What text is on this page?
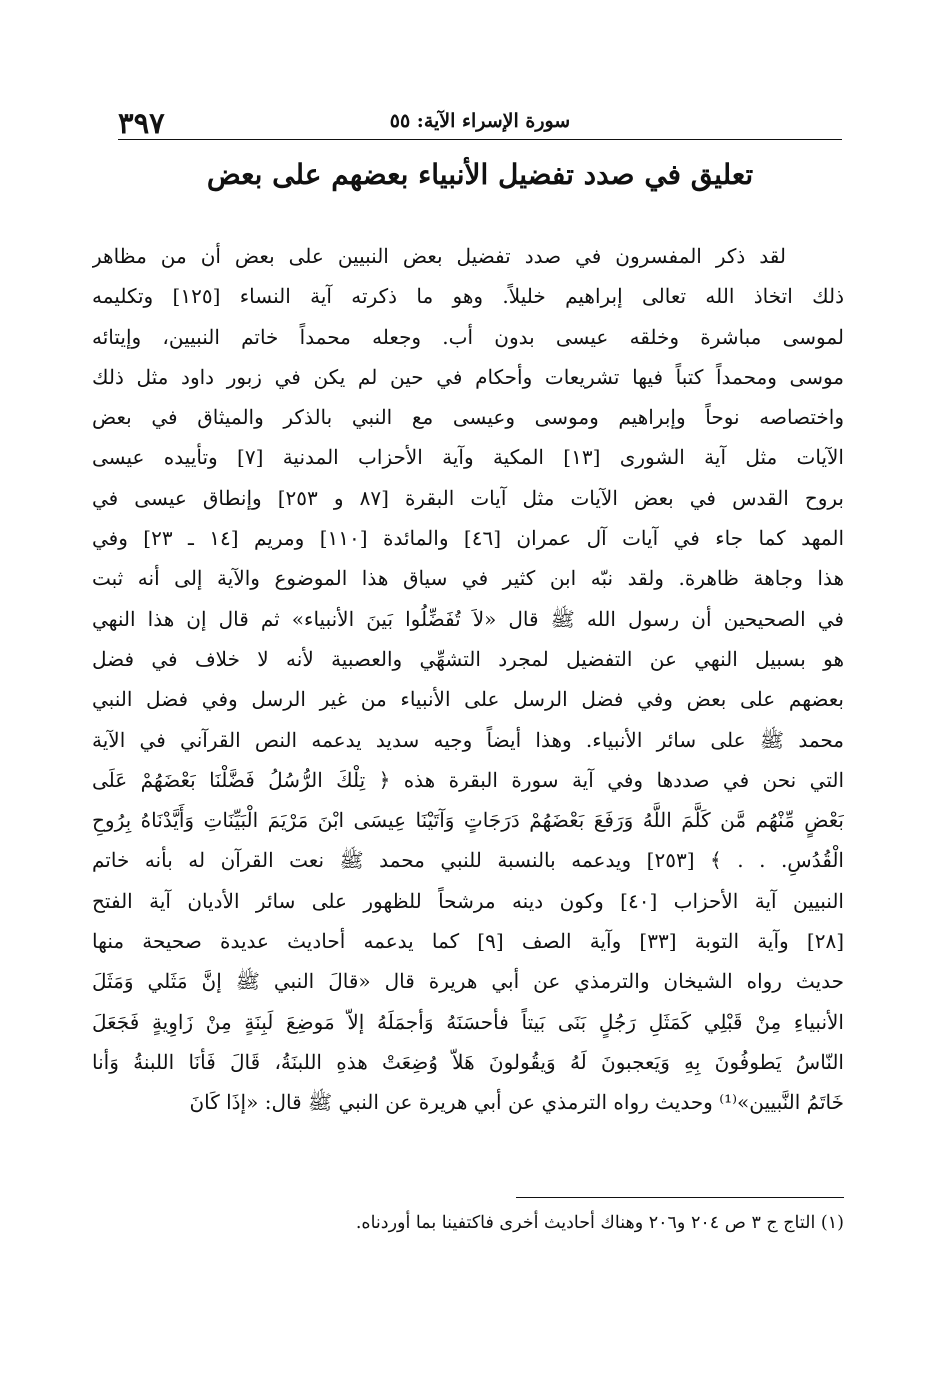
٣٩٧	سورة الإسراء الآية: ٥٥
تعليق في صدد تفضيل الأنبياء بعضهم على بعض
لقد ذكر المفسرون في صدد تفضيل بعض النبيين على بعض أن من مظاهر
ذلك اتخاذ الله تعالى إبراهيم خليلاً. وهو ما ذكرته آية النساء [١٢٥] وتكليمه
لموسى مباشرة وخلقه عيسى بدون أب. وجعله محمداً خاتم النبيين، وإيتائه
موسى ومحمداً كتباً فيها تشريعات وأحكام في حين لم يكن في زبور داود مثل ذلك
واختصاصه نوحاً وإبراهيم وموسى وعيسى مع النبي بالذكر والميثاق في بعض
الآيات مثل آية الشورى [١٣] المكية وآية الأحزاب المدنية [٧] وتأييده عيسى
بروح القدس في بعض الآيات مثل آيات البقرة [٨٧ و ٢٥٣] وإنطاق عيسى في
المهد كما جاء في آيات آل عمران [٤٦] والمائدة [١١٠] ومريم [١٤ ـ ٢٣] وفي
هذا وجاهة ظاهرة. ولقد نبّه ابن كثير في سياق هذا الموضوع والآية إلى أنه ثبت
في الصحيحين أن رسول الله ﷺ قال «لاَ تُفَضِّلُوا بَينَ الأنبياء» ثم قال إن هذا النهي
هو بسبيل النهي عن التفضيل لمجرد التشهِّي والعصبية لأنه لا خلاف في فضل
بعضهم على بعض وفي فضل الرسل على الأنبياء من غير الرسل وفي فضل النبي
محمد ﷺ على سائر الأنبياء. وهذا أيضاً وجيه سديد يدعمه النص القرآني في الآية
التي نحن في صددها وفي آية سورة البقرة هذه ﴿ تِلْكَ الرُّسُلُ فَضَّلْنَا بَعْضَهُمْ عَلَى
بَعْضٍ مِّنْهُم مَّن كَلَّمَ اللَّهُ وَرَفَعَ بَعْضَهُمْ دَرَجَاتٍ وَآتَيْنَا عِيسَى ابْنَ مَرْيَمَ الْبَيِّنَاتِ وَأَيَّدْنَاهُ بِرُوحِ
الْقُدُسِ. . . ﴾ [٢٥٣] ويدعمه بالنسبة للنبي محمد ﷺ نعت القرآن له بأنه خاتم
النبيين آية الأحزاب [٤٠] وكون دينه مرشحاً للظهور على سائر الأديان آية الفتح
[٢٨] وآية التوبة [٣٣] وآية الصف [٩] كما يدعمه أحاديث عديدة صحيحة منها
حديث رواه الشيخان والترمذي عن أبي هريرة قال «قالَ النبي ﷺ إنَّ مَثَلي وَمَثَلَ
الأنبياءِ مِنْ قَبْلِي كَمَثَلِ رَجُلٍ بَنَى بَيتاً فأحسَنَهُ وَأجمَلَهُ إلاّ مَوضِعَ لَبِنَةٍ مِنْ زَاوِيةٍ فَجَعَلَ
النّاسُ يَطوفُونَ بِهِ وَيَعجبونَ لَهُ وَيقُولونَ هَلاّ وُضِعَتْ هذهِ اللبنَةُ، قَالَ فَأنَا اللبنةُ وَأنا
خَاتَمُ النَّبيين»⁽¹⁾ وحديث رواه الترمذي عن أبي هريرة عن النبي ﷺ قال: «إذَا كَانَ
(١) التاج ج ٣ ص ٢٠٤ و٢٠٦ وهناك أحاديث أخرى فاكتفينا بما أوردناه.
